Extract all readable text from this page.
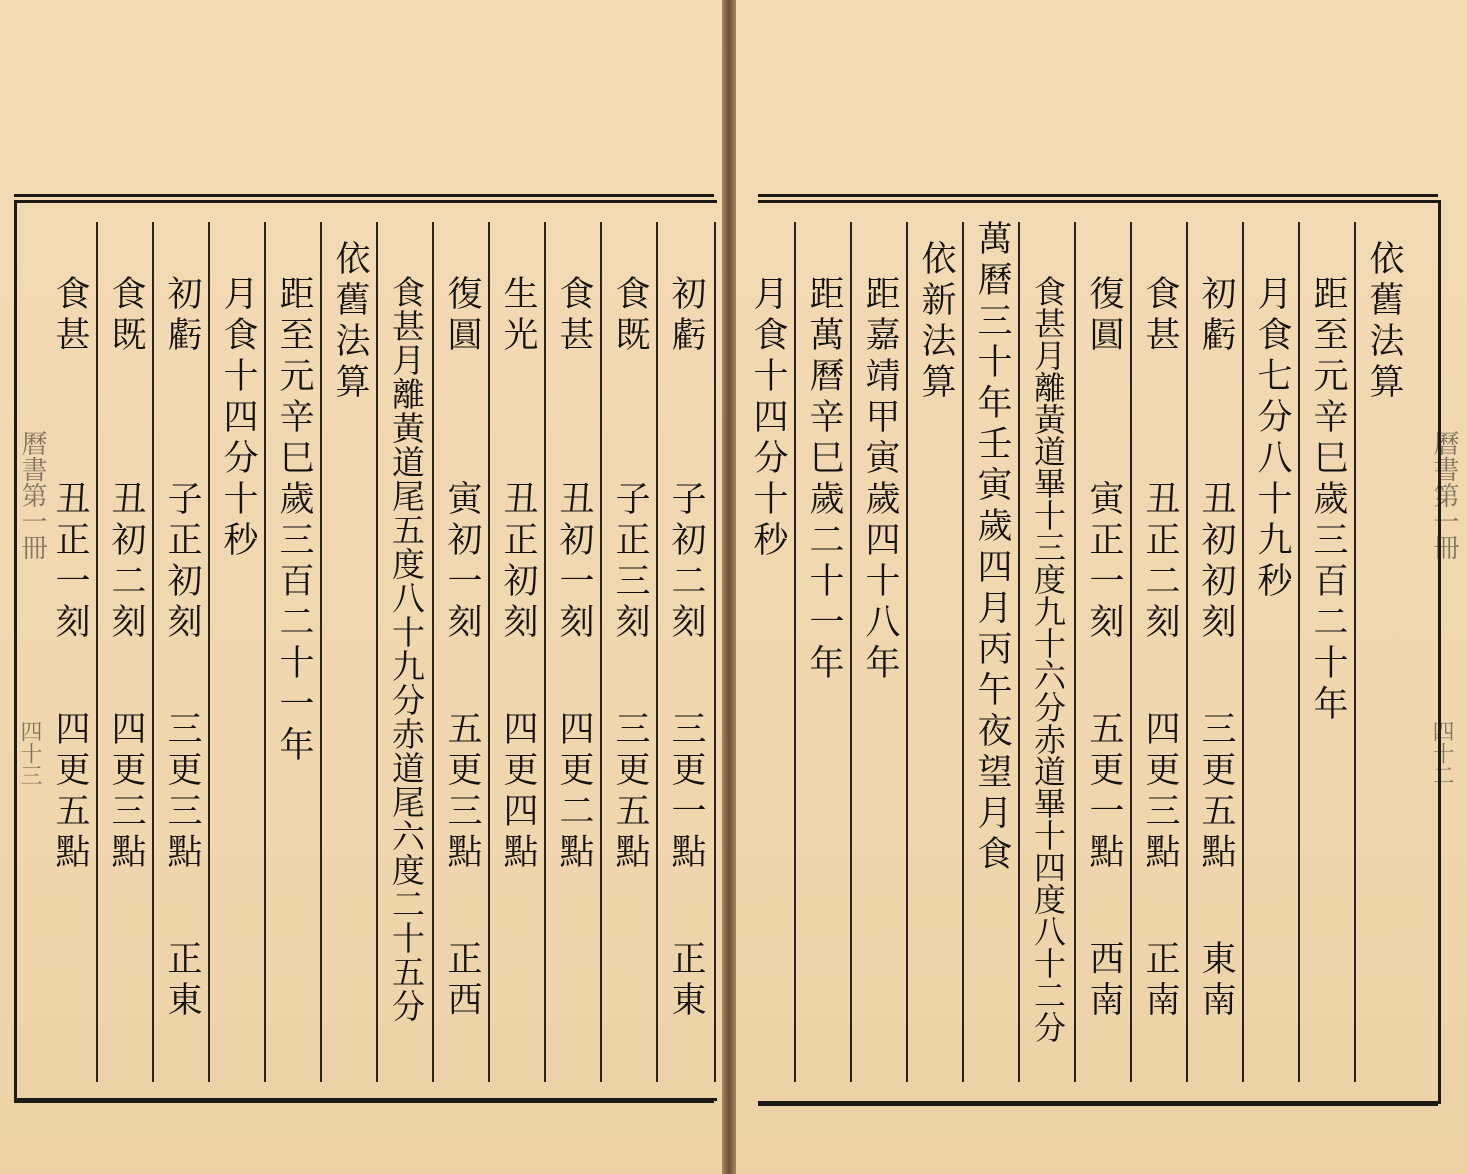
曆書第一冊
四十三
初虧
子初二刻
三更一點
正東
食既
子正三刻
三更五點
食甚
丑初一刻
四更二點
生光
丑正初刻
四更四點
復圓
寅初一刻
五更三點
正西
食甚月離黃道尾五度八十九分赤道尾六度二十五分
依舊法算
距至元辛巳歲三百二十一年
月食十四分十秒
初虧
子正初刻
三更三點
正東
食既
丑初二刻
四更三點
食甚
丑正一刻
四更五點
曆書第一冊
四十二
依舊法算
距至元辛巳歲三百二十年
月食七分八十九秒
初虧
丑初初刻
三更五點
東南
食甚
丑正二刻
四更三點
正南
復圓
寅正一刻
五更一點
西南
食甚月離黃道畢十三度九十六分赤道畢十四度八十二分
萬曆三十年壬寅歲四月丙午夜望月食
依新法算
距嘉靖甲寅歲四十八年
距萬曆辛巳歲二十一年
月食十四分十秒
